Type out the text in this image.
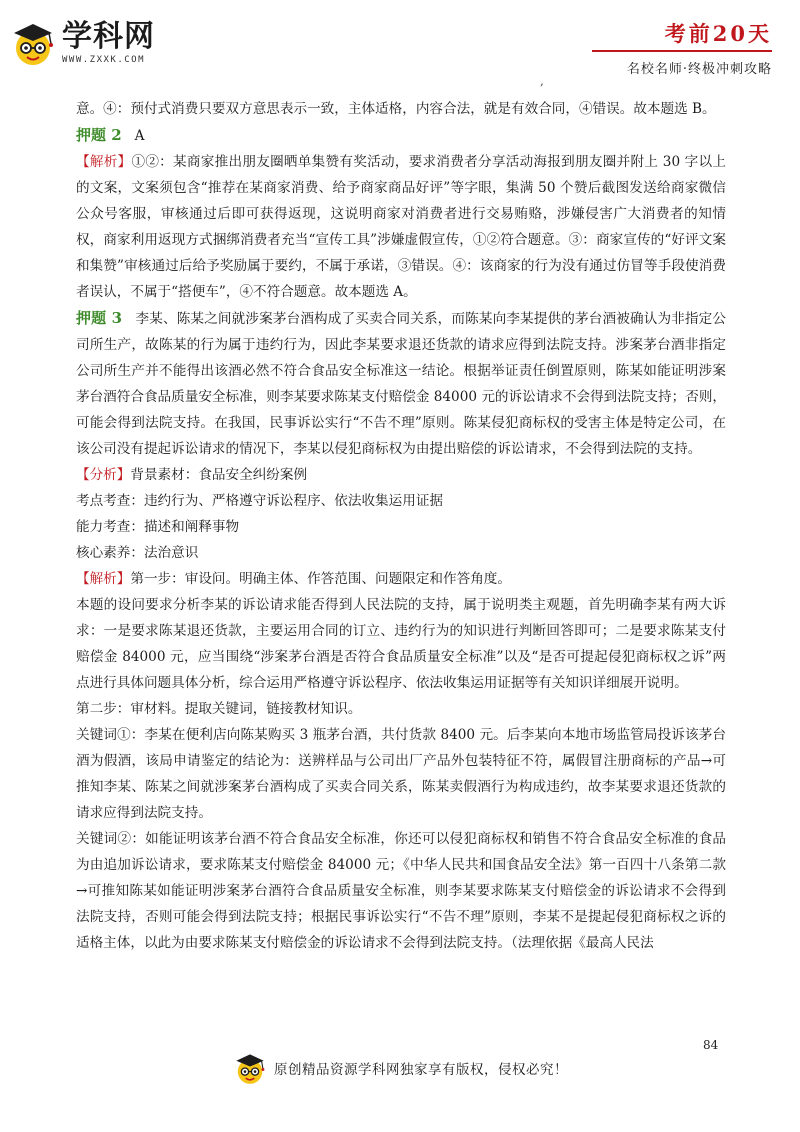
学科网
WWW.ZXXK.COM
考前20天
名校名师·终极冲刺攻略
,

意。④：预付式消费只要双方意思表示一致，主体适格，内容合法，就是有效合同，④错误。故本题选 B。

押题 2 A

【解析】①②：某商家推出朋友圈晒单集赞有奖活动，要求消费者分享活动海报到朋友圈并附上 30 字以上的文案，文案须包含“推荐在某商家消费、给予商家商品好评”等字眼，集满 50 个赞后截图发送给商家微信公众号客服，审核通过后即可获得返现，这说明商家对消费者进行交易贿赂，涉嫌侵害广大消费者的知情权，商家利用返现方式捆绑消费者充当“宣传工具”涉嫌虚假宣传，①②符合题意。③：商家宣传的“好评文案和集赞”审核通过后给予奖励属于要约，不属于承诺，③错误。④：该商家的行为没有通过仿冒等手段使消费者误认，不属于“搭便车”，④不符合题意。故本题选 A。

押题 3 李某、陈某之间就涉案茅台酒构成了买卖合同关系，而陈某向李某提供的茅台酒被确认为非指定公司所生产，故陈某的行为属于违约行为，因此李某要求退还货款的请求应得到法院支持。涉案茅台酒非指定公司所生产并不能得出该酒必然不符合食品安全标准这一结论。根据举证责任倒置原则，陈某如能证明涉案茅台酒符合食品质量安全标准，则李某要求陈某支付赔偿金 84000 元的诉讼请求不会得到法院支持；否则，可能会得到法院支持。在我国，民事诉讼实行“不告不理”原则。陈某侵犯商标权的受害主体是特定公司，在该公司没有提起诉讼请求的情况下，李某以侵犯商标权为由提出赔偿的诉讼请求，不会得到法院的支持。

【分析】背景素材：食品安全纠纷案例

考点考查：违约行为、严格遵守诉讼程序、依法收集运用证据

能力考查：描述和阐释事物

核心素养：法治意识

【解析】第一步：审设问。明确主体、作答范围、问题限定和作答角度。

本题的设问要求分析李某的诉讼请求能否得到人民法院的支持，属于说明类主观题，首先明确李某有两大诉求：一是要求陈某退还货款，主要运用合同的订立、违约行为的知识进行判断回答即可；二是要求陈某支付赔偿金 84000 元，应当围绕“涉案茅台酒是否符合食品质量安全标准”以及“是否可提起侵犯商标权之诉”两点进行具体问题具体分析，综合运用严格遵守诉讼程序、依法收集运用证据等有关知识详细展开说明。

第二步：审材料。提取关键词，链接教材知识。

关键词①：李某在便利店向陈某购买 3 瓶茅台酒，共付货款 8400 元。后李某向本地市场监管局投诉该茅台酒为假酒，该局申请鉴定的结论为：送辨样品与公司出厂产品外包装特征不符，属假冒注册商标的产品→可推知李某、陈某之间就涉案茅台酒构成了买卖合同关系，陈某卖假酒行为构成违约，故李某要求退还货款的请求应得到法院支持。

关键词②：如能证明该茅台酒不符合食品安全标准，你还可以侵犯商标权和销售不符合食品安全标准的食品为由追加诉讼请求，要求陈某支付赔偿金 84000 元；《中华人民共和国食品安全法》第一百四十八条第二款→可推知陈某如能证明涉案茅台酒符合食品质量安全标准，则李某要求陈某支付赔偿金的诉讼请求不会得到法院支持，否则可能会得到法院支持；根据民事诉讼实行“不告不理”原则，李某不是提起侵犯商标权之诉的适格主体，以此为由要求陈某支付赔偿金的诉讼请求不会得到法院支持。（法理依据《最高人民法

84
原创精品资源学科网独家享有版权，侵权必究！
